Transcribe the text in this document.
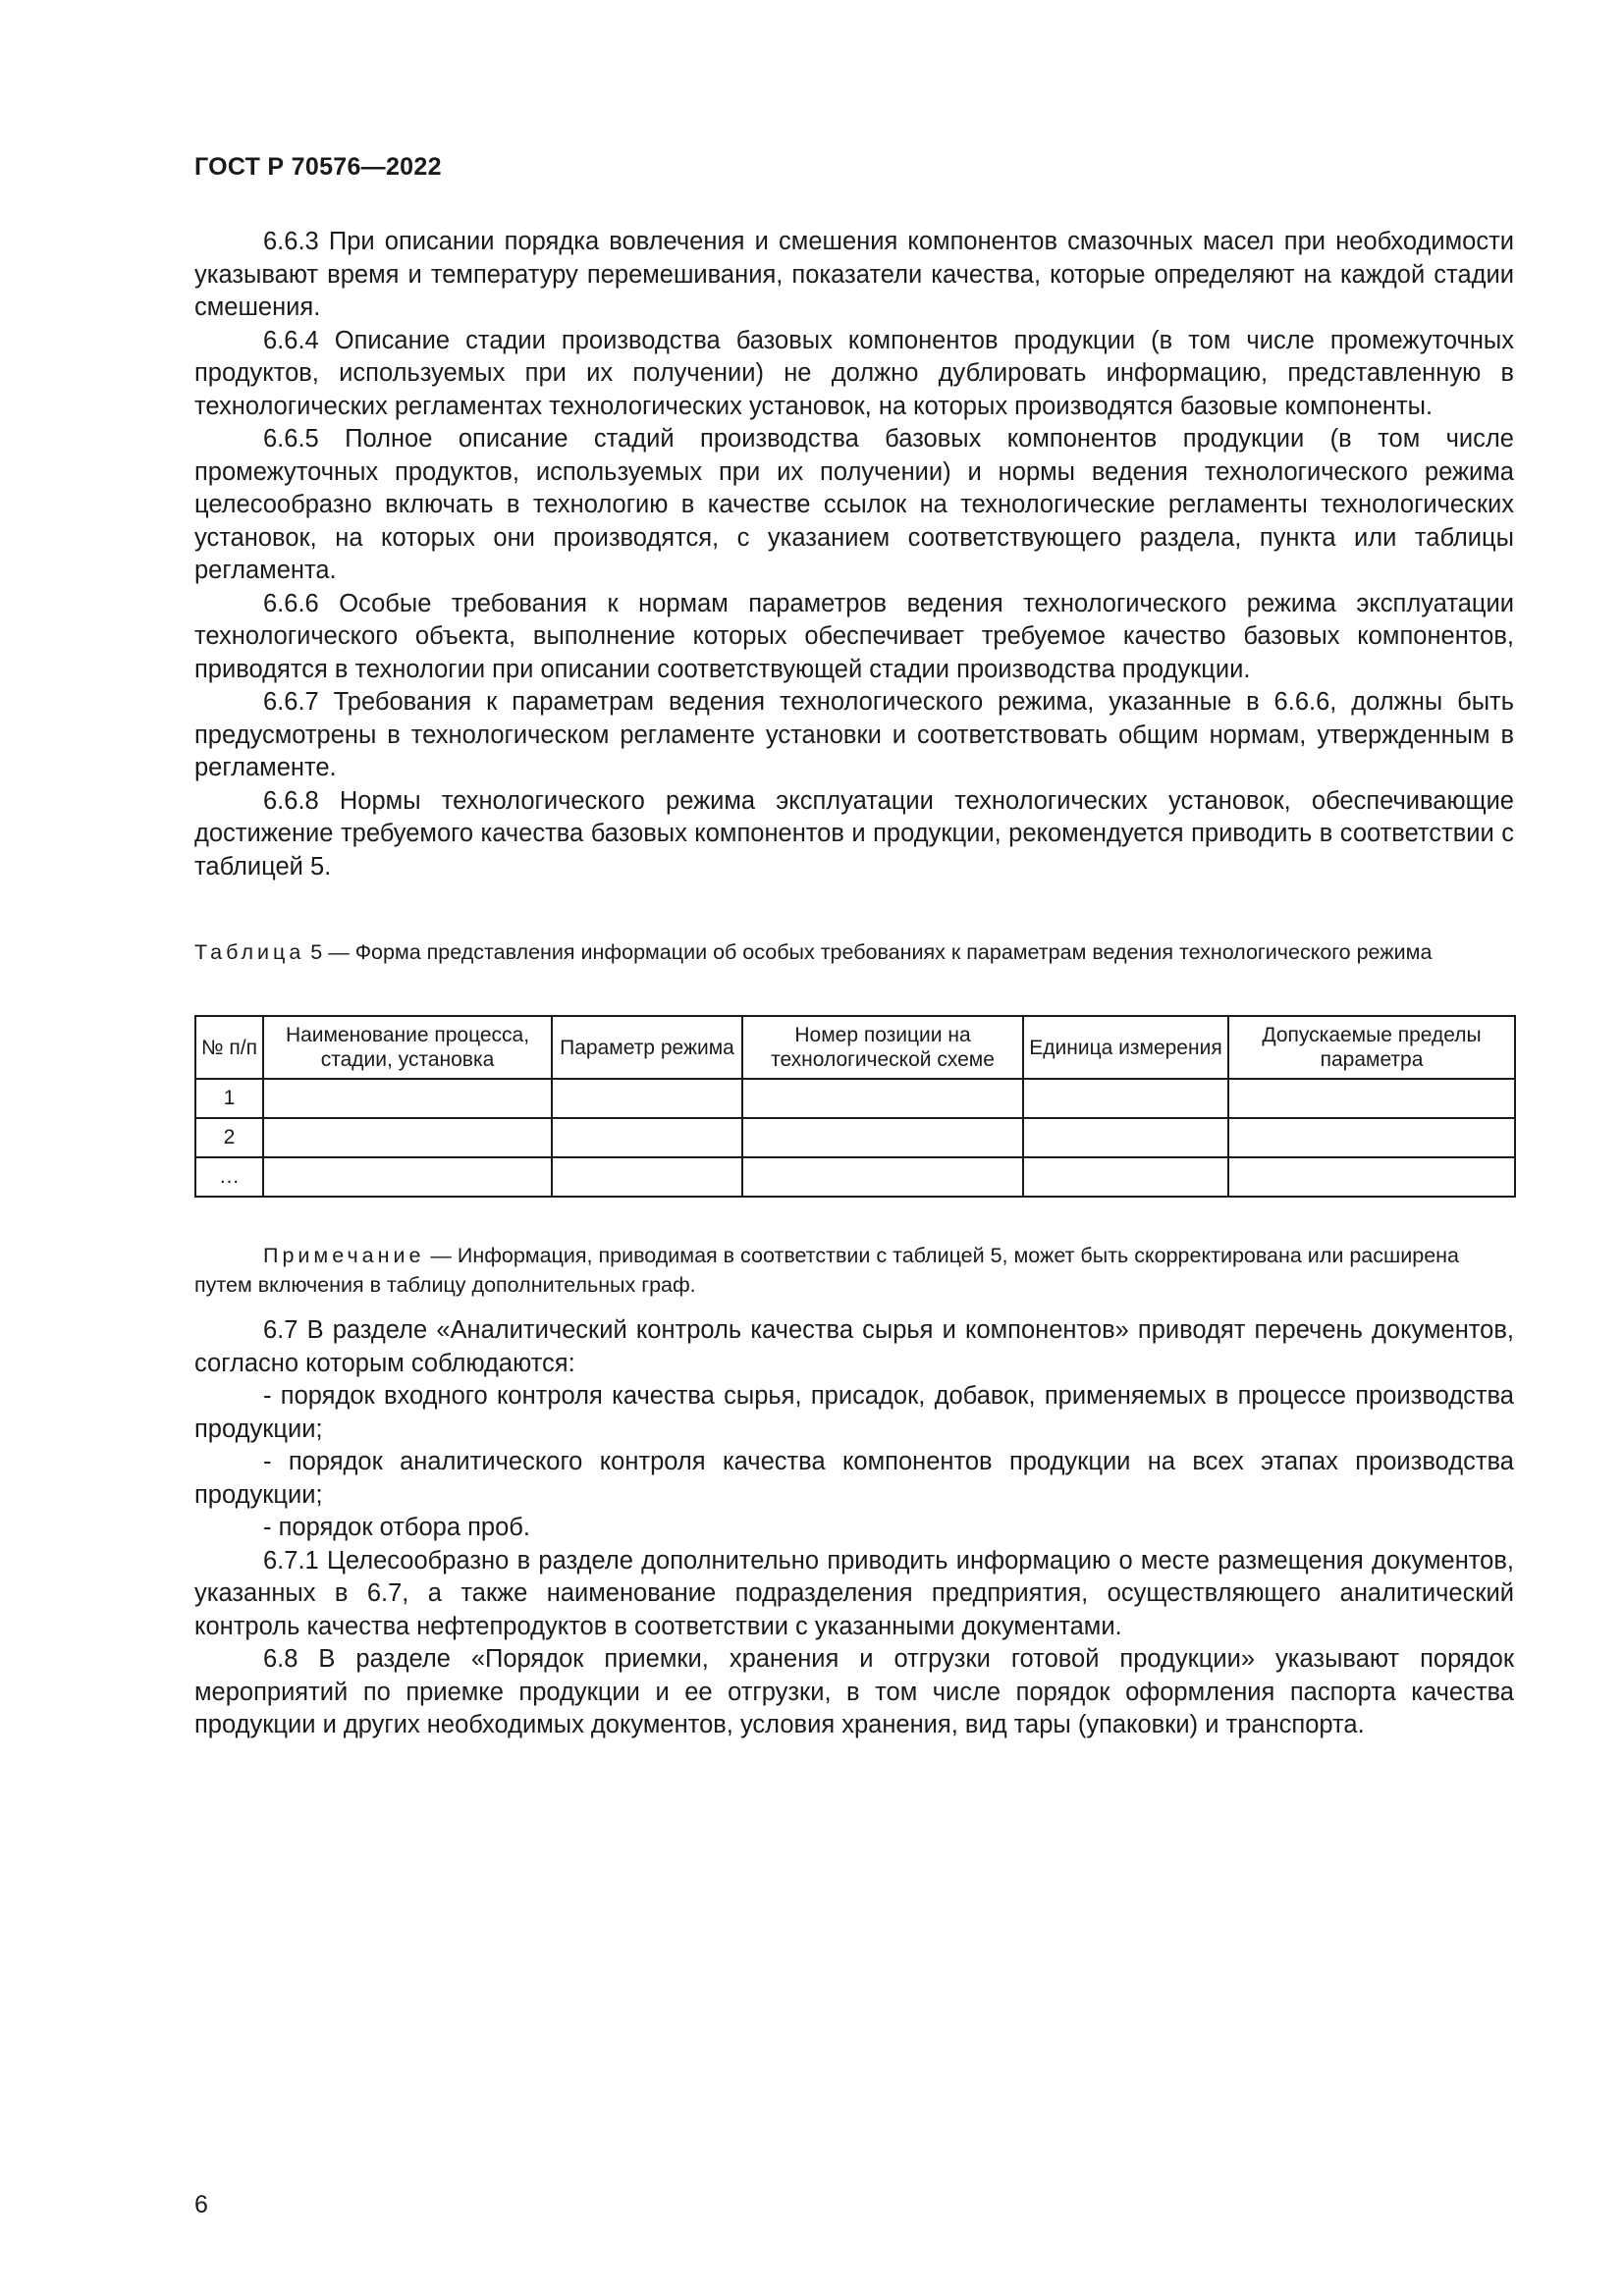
ГОСТ Р 70576—2022

6.6.3 При описании порядка вовлечения и смешения компонентов смазочных масел при необходимости указывают время и температуру перемешивания, показатели качества, которые определяют на каждой стадии смешения.

6.6.4 Описание стадии производства базовых компонентов продукции (в том числе промежуточных продуктов, используемых при их получении) не должно дублировать информацию, представленную в технологических регламентах технологических установок, на которых производятся базовые компоненты.

6.6.5 Полное описание стадий производства базовых компонентов продукции (в том числе промежуточных продуктов, используемых при их получении) и нормы ведения технологического режима целесообразно включать в технологию в качестве ссылок на технологические регламенты технологических установок, на которых они производятся, с указанием соответствующего раздела, пункта или таблицы регламента.

6.6.6 Особые требования к нормам параметров ведения технологического режима эксплуатации технологического объекта, выполнение которых обеспечивает требуемое качество базовых компонентов, приводятся в технологии при описании соответствующей стадии производства продукции.

6.6.7 Требования к параметрам ведения технологического режима, указанные в 6.6.6, должны быть предусмотрены в технологическом регламенте установки и соответствовать общим нормам, утвержденным в регламенте.

6.6.8 Нормы технологического режима эксплуатации технологических установок, обеспечивающие достижение требуемого качества базовых компонентов и продукции, рекомендуется приводить в соответствии с таблицей 5.

Таблица 5 — Форма представления информации об особых требованиях к параметрам ведения технологического режима
№ п/п	Наименование процесса, стадии, установка	Параметр режима	Номер позиции на технологической схеме	Единица измерения	Допускаемые пределы параметра
1					
2					
…					

Примечание — Информация, приводимая в соответствии с таблицей 5, может быть скорректирована или расширена путем включения в таблицу дополнительных граф.

6.7 В разделе «Аналитический контроль качества сырья и компонентов» приводят перечень документов, согласно которым соблюдаются:

- порядок входного контроля качества сырья, присадок, добавок, применяемых в процессе производства продукции;

- порядок аналитического контроля качества компонентов продукции на всех этапах производства продукции;

- порядок отбора проб.

6.7.1 Целесообразно в разделе дополнительно приводить информацию о месте размещения документов, указанных в 6.7, а также наименование подразделения предприятия, осуществляющего аналитический контроль качества нефтепродуктов в соответствии с указанными документами.

6.8 В разделе «Порядок приемки, хранения и отгрузки готовой продукции» указывают порядок мероприятий по приемке продукции и ее отгрузки, в том числе порядок оформления паспорта качества продукции и других необходимых документов, условия хранения, вид тары (упаковки) и транспорта.

6
